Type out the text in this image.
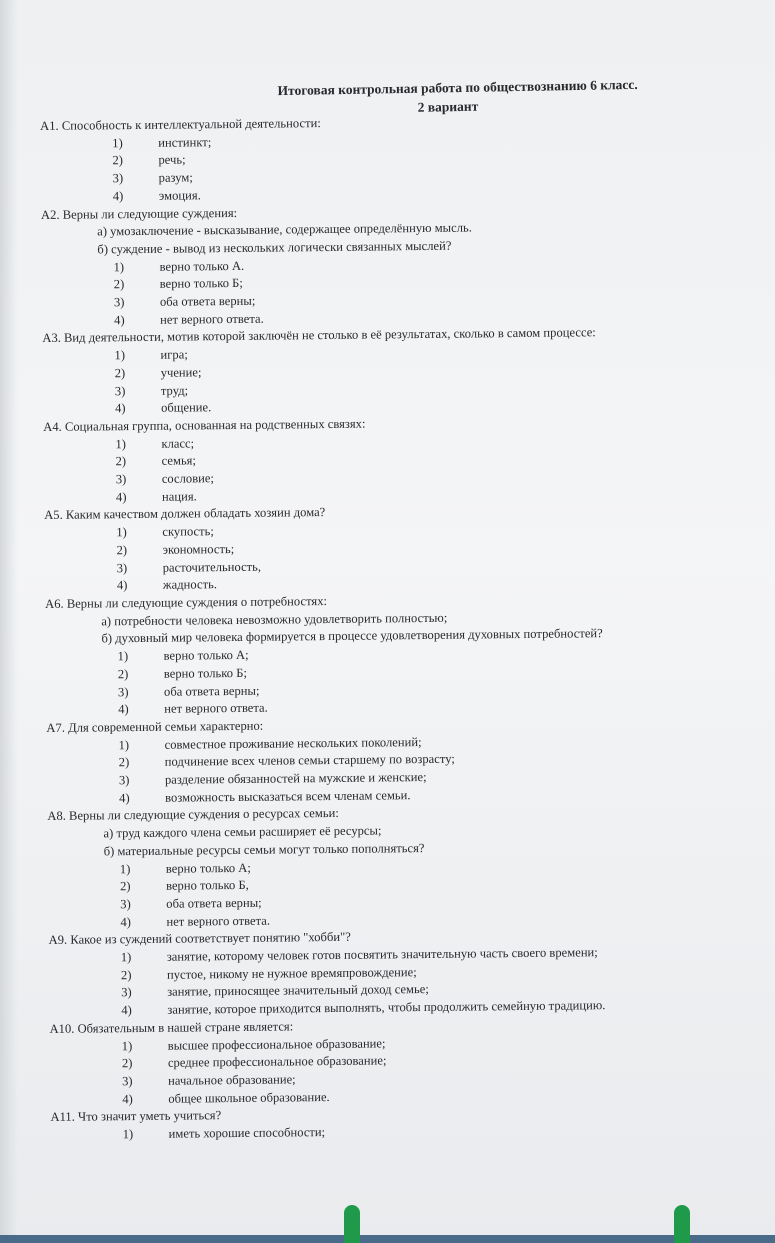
Итоговая контрольная работа по обществознанию 6 класс.
2 вариант
A1. Способность к интеллектуальной деятельности:
1)	инстинкт;
2)	речь;
3)	разум;
4)	эмоция.
A2. Верны ли следующие суждения:
а) умозаключение - высказывание, содержащее определённую мысль.
б) суждение - вывод из нескольких логически связанных мыслей?
1)	верно только А.
2)	верно только Б;
3)	оба ответа верны;
4)	нет верного ответа.
A3. Вид деятельности, мотив которой заключён не столько в её результатах, сколько в самом процессе:
1)	игра;
2)	учение;
3)	труд;
4)	общение.
A4. Социальная группа, основанная на родственных связях:
1)	класс;
2)	семья;
3)	сословие;
4)	нация.
A5. Каким качеством должен обладать хозяин дома?
1)	скупость;
2)	экономность;
3)	расточительность,
4)	жадность.
A6. Верны ли следующие суждения о потребностях:
а) потребности человека невозможно удовлетворить полностью;
б) духовный мир человека формируется в процессе удовлетворения духовных потребностей?
1)	верно только А;
2)	верно только Б;
3)	оба ответа верны;
4)	нет верного ответа.
A7. Для современной семьи характерно:
1)	совместное проживание нескольких поколений;
2)	подчинение всех членов семьи старшему по возрасту;
3)	разделение обязанностей на мужские и женские;
4)	возможность высказаться всем членам семьи.
A8. Верны ли следующие суждения о ресурсах семьи:
а) труд каждого члена семьи расширяет её ресурсы;
б) материальные ресурсы семьи могут только пополняться?
1)	верно только А;
2)	верно только Б,
3)	оба ответа верны;
4)	нет верного ответа.
A9. Какое из суждений соответствует понятию "хобби"?
1)	занятие, которому человек готов посвятить значительную часть своего времени;
2)	пустое, никому не нужное времяпровождение;
3)	занятие, приносящее значительный доход семье;
4)	занятие, которое приходится выполнять, чтобы продолжить семейную традицию.
A10. Обязательным в нашей стране является:
1)	высшее профессиональное образование;
2)	среднее профессиональное образование;
3)	начальное образование;
4)	общее школьное образование.
A11. Что значит уметь учиться?
1)	иметь хорошие способности;
